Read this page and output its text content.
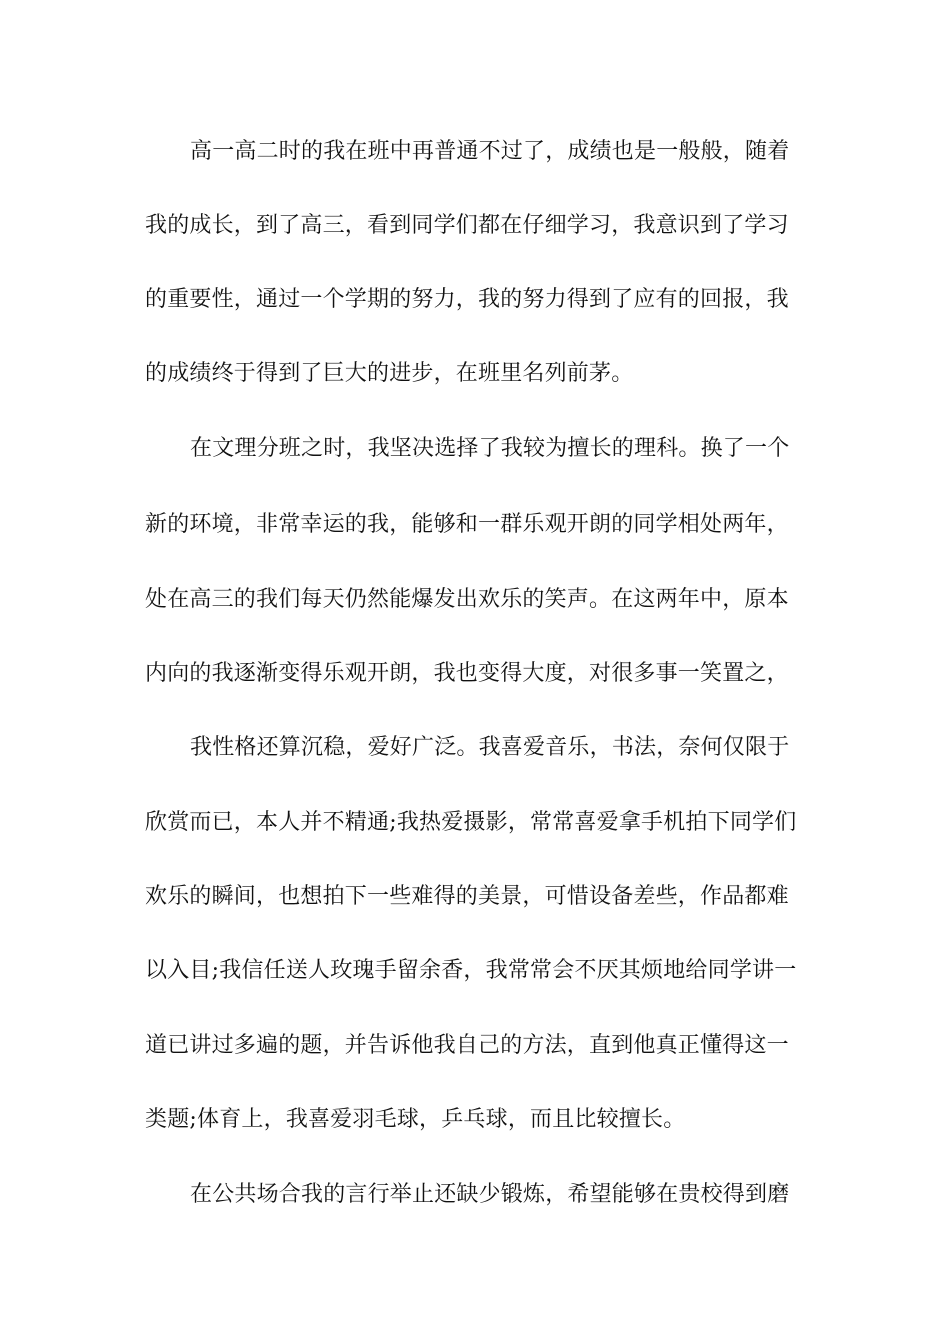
高一高二时的我在班中再普通不过了，成绩也是一般般，随着
我的成长，到了高三，看到同学们都在仔细学习，我意识到了学习
的重要性，通过一个学期的努力，我的努力得到了应有的回报，我
的成绩终于得到了巨大的进步，在班里名列前茅。
在文理分班之时，我坚决选择了我较为擅长的理科。换了一个
新的环境，非常幸运的我，能够和一群乐观开朗的同学相处两年，
处在高三的我们每天仍然能爆发出欢乐的笑声。在这两年中，原本
内向的我逐渐变得乐观开朗，我也变得大度，对很多事一笑置之，
我性格还算沉稳，爱好广泛。我喜爱音乐，书法，奈何仅限于
欣赏而已，本人并不精通;我热爱摄影，常常喜爱拿手机拍下同学们
欢乐的瞬间，也想拍下一些难得的美景，可惜设备差些，作品都难
以入目;我信任送人玫瑰手留余香，我常常会不厌其烦地给同学讲一
道已讲过多遍的题，并告诉他我自己的方法，直到他真正懂得这一
类题;体育上，我喜爱羽毛球，乒乓球，而且比较擅长。
在公共场合我的言行举止还缺少锻炼，希望能够在贵校得到磨
